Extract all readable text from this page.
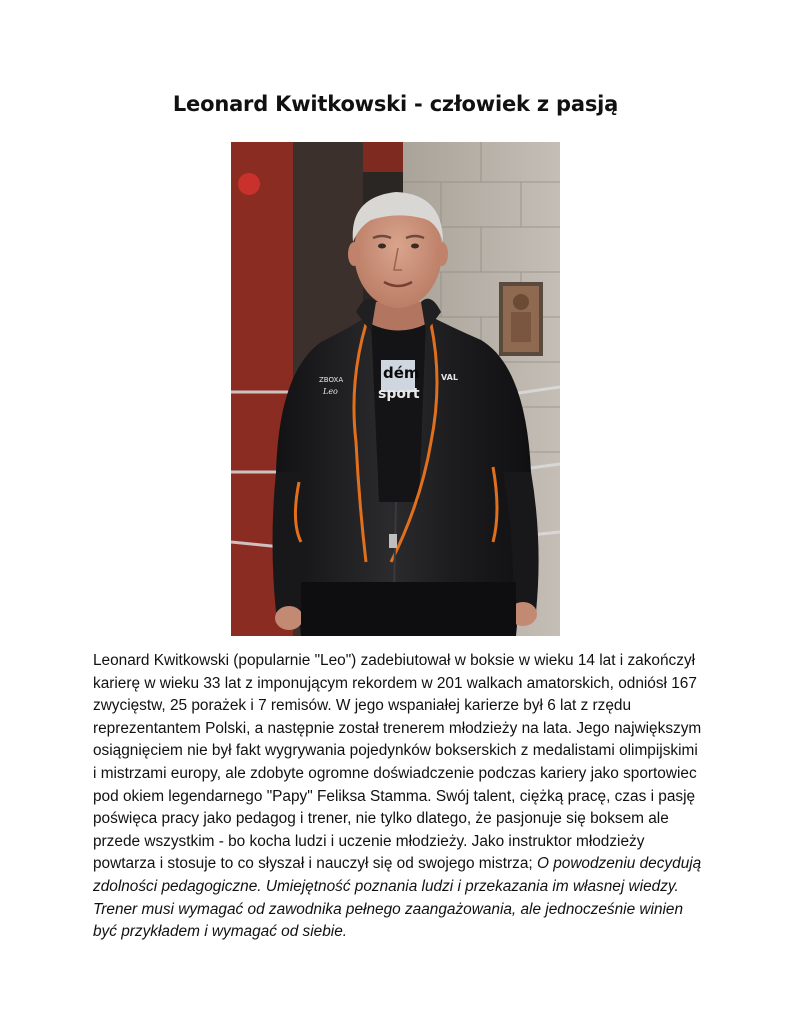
Leonard Kwitkowski - człowiek z pasją
dém
sport
ZBOXA
Leo
VAL

Leonard Kwitkowski (popularnie "Leo") zadebiutował w boksie w wieku 14 lat i zakończył karierę w wieku 33 lat z imponującym rekordem w 201 walkach amatorskich, odniósł 167 zwycięstw, 25 porażek i 7 remisów. W jego wspaniałej karierze był 6 lat z rzędu reprezentantem Polski, a następnie został trenerem młodzieży na lata. Jego największym osiągnięciem nie był fakt wygrywania pojedynków bokserskich z medalistami olimpijskimi i mistrzami europy, ale zdobyte ogromne doświadczenie podczas kariery jako sportowiec pod okiem legendarnego "Papy" Feliksa Stamma. Swój talent, ciężką pracę, czas i pasję poświęca pracy jako pedagog i trener, nie tylko dlatego, że pasjonuje się boksem ale przede wszystkim - bo kocha ludzi i uczenie młodzieży. Jako instruktor młodzieży powtarza i stosuje to co słyszał i nauczył się od swojego mistrza; O powodzeniu decydują zdolności pedagogiczne. Umiejętność poznania ludzi i przekazania im własnej wiedzy. Trener musi wymagać od zawodnika pełnego zaangażowania, ale jednocześnie winien być przykładem i wymagać od siebie.
